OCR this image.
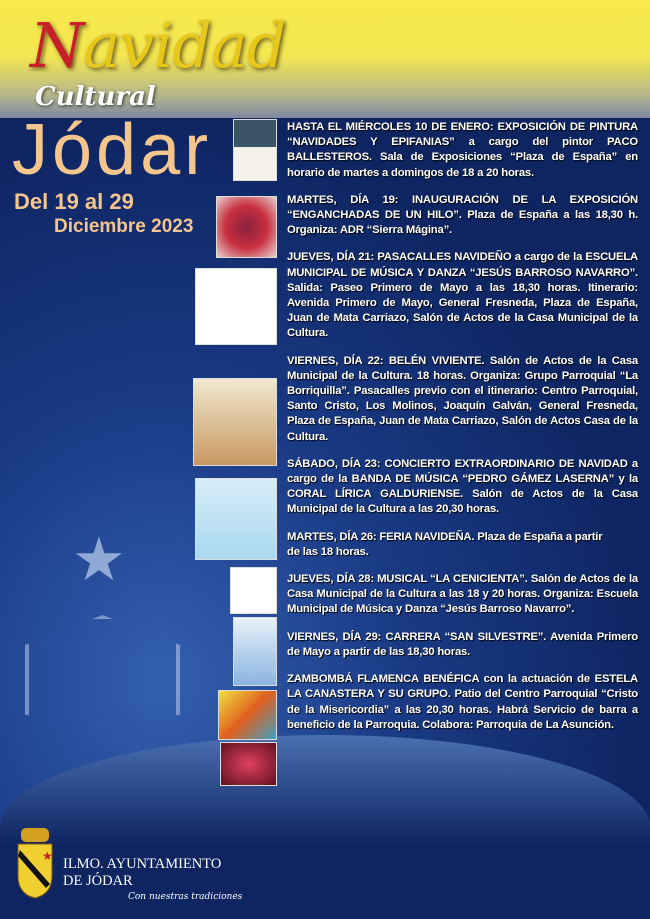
★
Navidad
Cultural
Jódar
Del 19 al 29
Diciembre 2023
HASTA EL MIÉRCOLES 10 DE ENERO: EXPOSICIÓN DE PINTURA “NAVIDADES Y EPIFANIAS” a cargo del pintor PACO BALLESTEROS. Sala de Exposiciones “Plaza de España” en horario de martes a domingos de 18 a 20 horas.
MARTES, DÍA 19: INAUGURACIÓN DE LA EXPOSICIÓN “ENGANCHADAS DE UN HILO”. Plaza de España a las 18,30 h. Organiza: ADR “Sierra Mágina”.
JUEVES, DÍA 21: PASACALLES NAVIDEÑO a cargo de la ESCUELA MUNICIPAL DE MÚSICA Y DANZA “JESÚS BARROSO NAVARRO”. Salida: Paseo Primero de Mayo a las 18,30 horas. Itinerario: Avenida Primero de Mayo, General Fresneda, Plaza de España, Juan de Mata Carriazo, Salón de Actos de la Casa Municipal de la Cultura.
VIERNES, DÍA 22: BELÉN VIVIENTE. Salón de Actos de la Casa Municipal de la Cultura. 18 horas. Organiza: Grupo Parroquial “La Borriquilla”. Pasacalles previo con el itinerario: Centro Parroquial, Santo Cristo, Los Molinos, Joaquín Galván, General Fresneda, Plaza de España, Juan de Mata Carriazo, Salón de Actos Casa de la Cultura.
SÁBADO, DÍA 23: CONCIERTO EXTRAORDINARIO DE NAVIDAD a cargo de la BANDA DE MÚSICA “PEDRO GÁMEZ LASERNA” y la CORAL LÍRICA GALDURIENSE. Salón de Actos de la Casa Municipal de la Cultura a las 20,30 horas.
MARTES, DÍA 26: FERIA NAVIDEÑA. Plaza de España a partir de las 18 horas.
JUEVES, DÍA 28: MUSICAL “LA CENICIENTA”. Salón de Actos de la Casa Municipal de la Cultura a las 18 y 20 horas. Organiza: Escuela Municipal de Música y Danza “Jesús Barroso Navarro”.
VIERNES, DÍA 29: CARRERA “SAN SILVESTRE”. Avenida Primero de Mayo a partir de las 18,30 horas.
ZAMBOMBÁ FLAMENCA BENÉFICA con la actuación de ESTELA LA CANASTERA Y SU GRUPO. Patio del Centro Parroquial “Cristo de la Misericordia” a las 20,30 horas. Habrá Servicio de barra a beneficio de la Parroquia. Colabora: Parroquia de La Asunción.
★ ILMO. AYUNTAMIENTO
DE JÓDAR
Con nuestras tradiciones
